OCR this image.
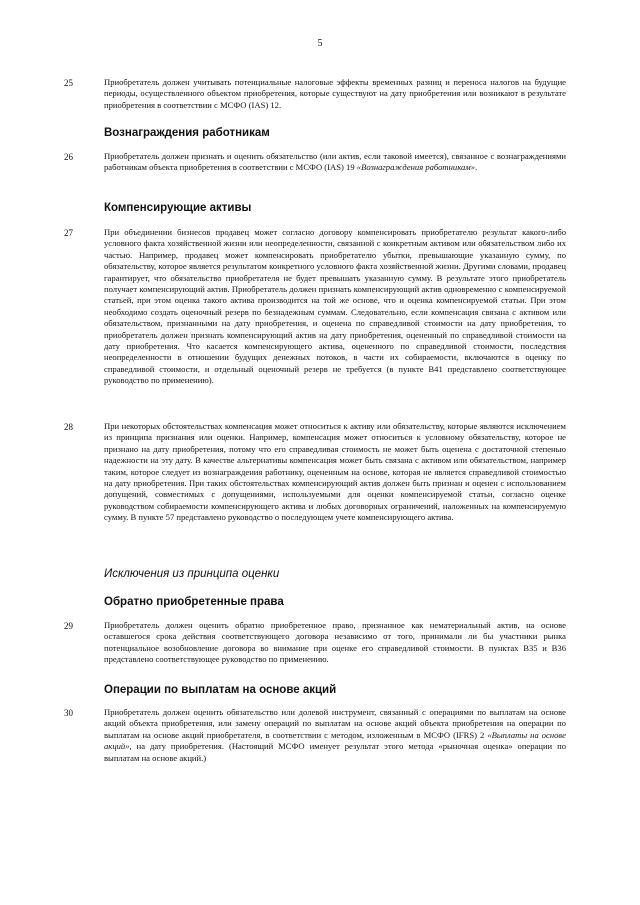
5
25	Приобретатель должен учитывать потенциальные налоговые эффекты временных разниц и переноса налогов на будущие периоды, осуществленного объектом приобретения, которые существуют на дату приобретения или возникают в результате приобретения в соответствии с МСФО (IAS) 12.
Вознаграждения работникам
26	Приобретатель должен признать и оценить обязательство (или актив, если таковой имеется), связанное с вознаграждениями работникам объекта приобретения в соответствии с МСФО (IAS) 19 «Вознаграждения работникам».
Компенсирующие активы
27	При объединении бизнесов продавец может согласно договору компенсировать приобретателю результат какого-либо условного факта хозяйственной жизни или неопределенности, связанной с конкретным активом или обязательством либо их частью. Например, продавец может компенсировать приобретателю убытки, превышающие указанную сумму, по обязательству, которое является результатом конкретного условного факта хозяйственной жизни. Другими словами, продавец гарантирует, что обязательство приобретателя не будет превышать указанную сумму. В результате этого приобретатель получает компенсирующий актив. Приобретатель должен признать компенсирующий актив одновременно с компенсируемой статьей, при этом оценка такого актива производится на той же основе, что и оценка компенсируемой статьи. При этом необходимо создать оценочный резерв по безнадежным суммам. Следовательно, если компенсация связана с активом или обязательством, признанными на дату приобретения, и оценена по справедливой стоимости на дату приобретения, то приобретатель должен признать компенсирующий актив на дату приобретения, оцененный по справедливой стоимости на дату приобретения. Что касается компенсирующего актива, оцененного по справедливой стоимости, последствия неопределенности в отношении будущих денежных потоков, в части их собираемости, включаются в оценку по справедливой стоимости, и отдельный оценочный резерв не требуется (в пункте B41 представлено соответствующее руководство по применению).
28	При некоторых обстоятельствах компенсация может относиться к активу или обязательству, которые являются исключением из принципа признания или оценки. Например, компенсация может относиться к условному обязательству, которое не признано на дату приобретения, потому что его справедливая стоимость не может быть оценена с достаточной степенью надежности на эту дату. В качестве альтернативы компенсация может быть связана с активом или обязательством, например таким, которое следует из вознаграждения работнику, оцененным на основе, которая не является справедливой стоимостью на дату приобретения. При таких обстоятельствах компенсирующий актив должен быть признан и оценен с использованием допущений, совместимых с допущениями, используемыми для оценки компенсируемой статьи, согласно оценке руководством собираемости компенсирующего актива и любых договорных ограничений, наложенных на компенсируемую сумму. В пункте 57 представлено руководство о последующем учете компенсирующего актива.
Исключения из принципа оценки
Обратно приобретенные права
29	Приобретатель должен оценить обратно приобретенное право, признанное как нематериальный актив, на основе оставшегося срока действия соответствующего договора независимо от того, принимали ли бы участники рынка потенциальное возобновление договора во внимание при оценке его справедливой стоимости. В пунктах B35 и B36 представлено соответствующее руководство по применению.
Операции по выплатам на основе акций
30	Приобретатель должен оценить обязательство или долевой инструмент, связанный с операциями по выплатам на основе акций объекта приобретения, или замену операций по выплатам на основе акций объекта приобретения на операции по выплатам на основе акций приобретателя, в соответствии с методом, изложенным в МСФО (IFRS) 2 «Выплаты на основе акций», на дату приобретения. (Настоящий МСФО именует результат этого метода «рыночная оценка» операции по выплатам на основе акций.)
